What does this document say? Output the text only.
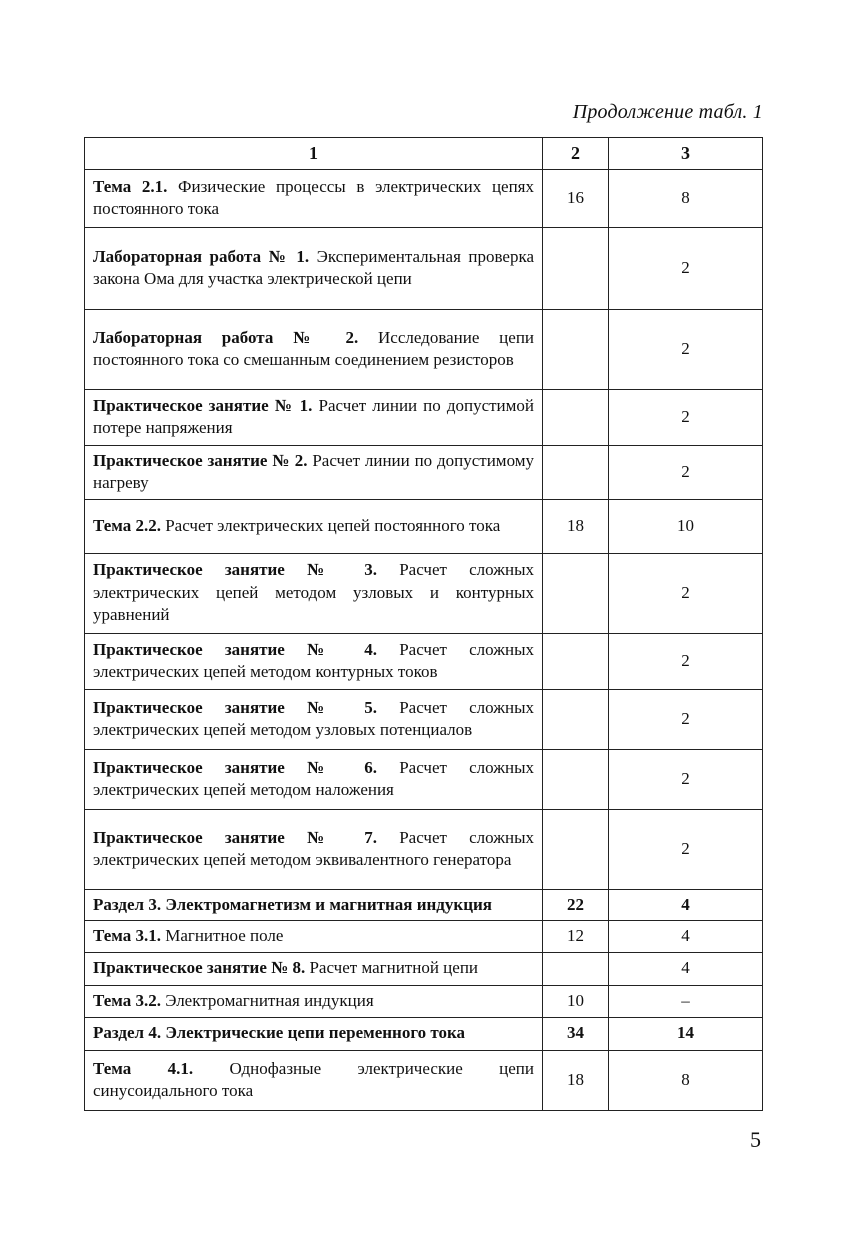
Продолжение табл. 1
1	2	3
Тема 2.1. Физические процессы в электрических цепях постоянного тока	16	8
Лабораторная работа № 1. Экспериментальная проверка закона Ома для участка электрической цепи		2
Лабораторная работа № 2. Исследование цепи постоянного тока со смешанным соединением резисторов		2
Практическое занятие № 1. Расчет линии по допустимой потере напряжения		2
Практическое занятие № 2. Расчет линии по допустимому нагреву		2
Тема 2.2. Расчет электрических цепей постоянного тока	18	10
Практическое занятие № 3. Расчет сложных электрических цепей методом узловых и контурных уравнений		2
Практическое занятие № 4. Расчет сложных электрических цепей методом контурных токов		2
Практическое занятие № 5. Расчет сложных электрических цепей методом узловых потенциалов		2
Практическое занятие № 6. Расчет сложных электрических цепей методом наложения		2
Практическое занятие № 7. Расчет сложных электрических цепей методом эквивалентного генератора		2
Раздел 3. Электромагнетизм и магнитная индукция	22	4
Тема 3.1. Магнитное поле	12	4
Практическое занятие № 8. Расчет магнитной цепи		4
Тема 3.2. Электромагнитная индукция	10	–
Раздел 4. Электрические цепи переменного тока	34	14
Тема 4.1. Однофазные электрические цепи синусоидального тока	18	8
5
